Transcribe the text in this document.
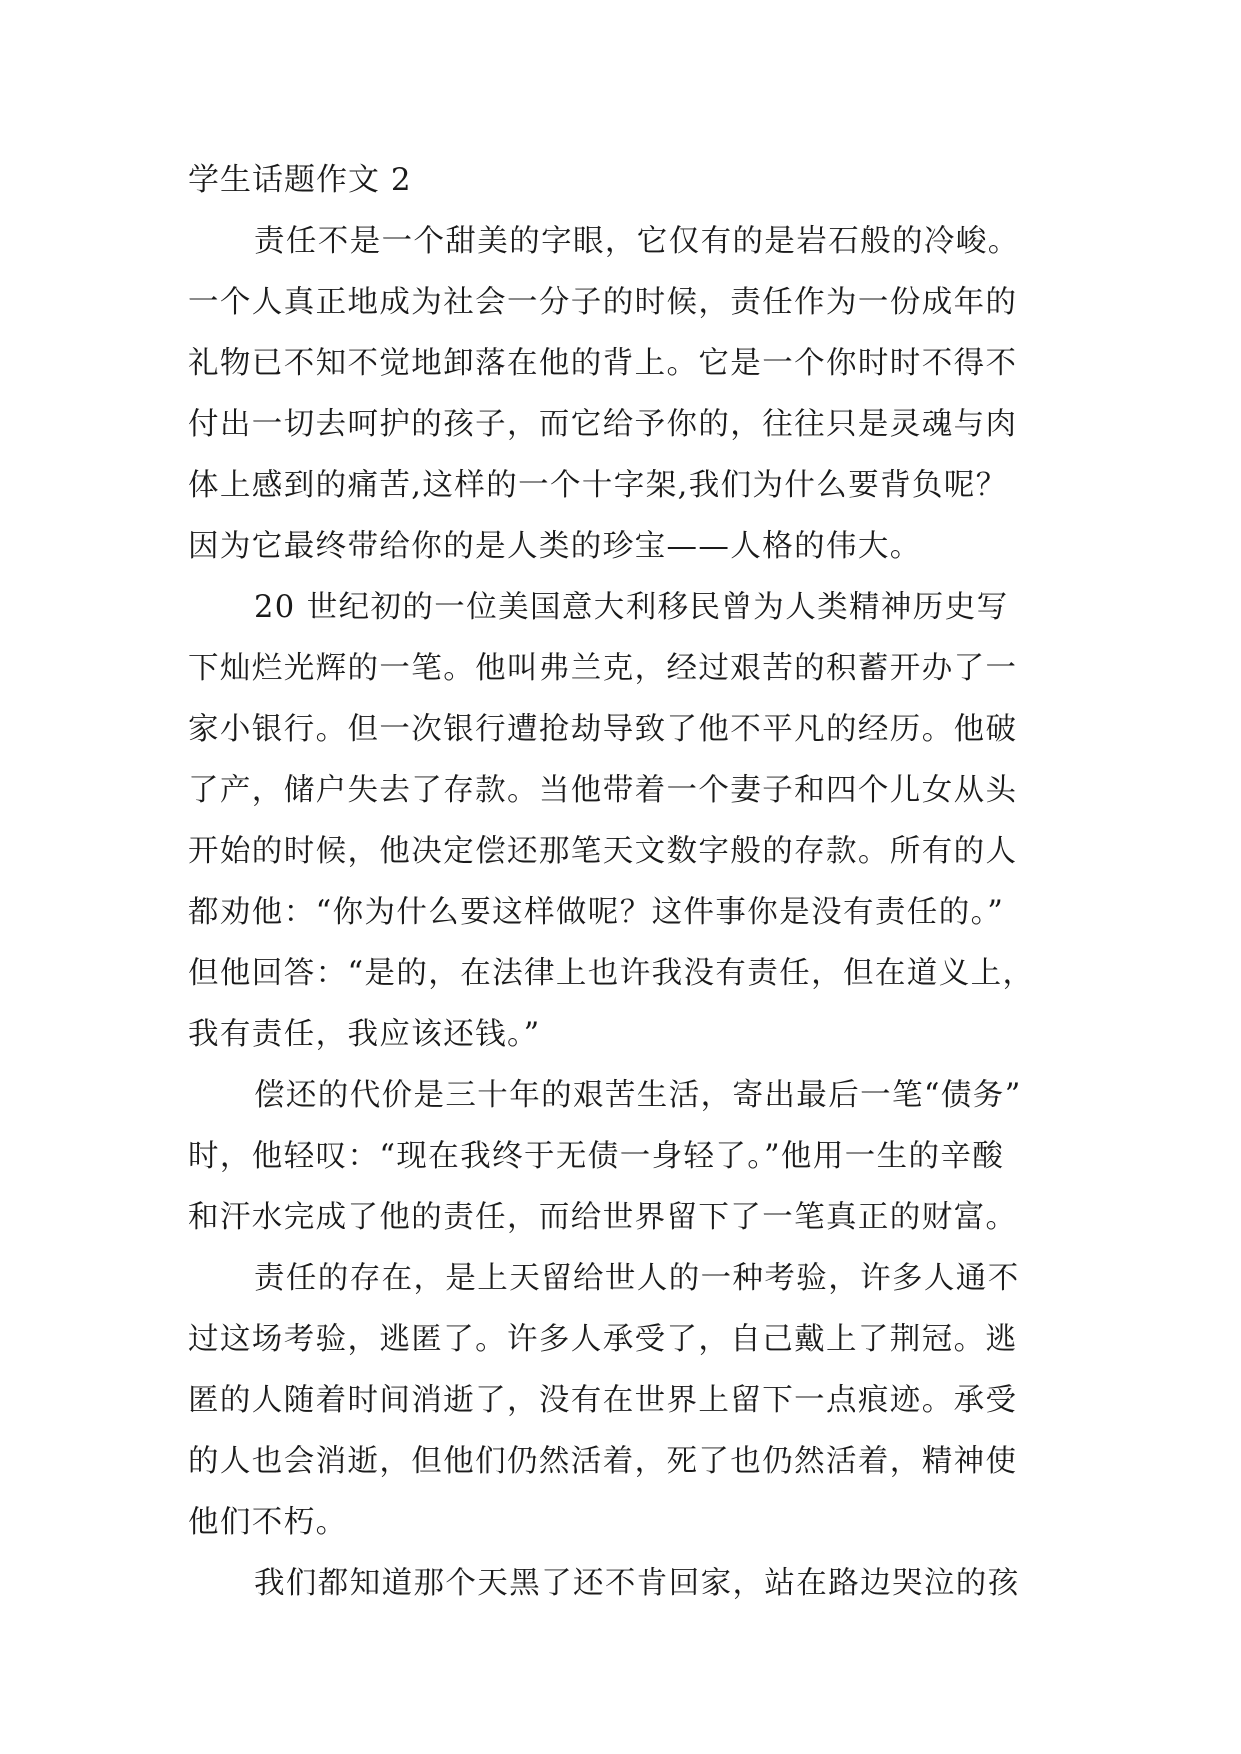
学生话题作文 2
责任不是一个甜美的字眼，它仅有的是岩石般的冷峻。
一个人真正地成为社会一分子的时候，责任作为一份成年的
礼物已不知不觉地卸落在他的背上。它是一个你时时不得不
付出一切去呵护的孩子，而它给予你的，往往只是灵魂与肉
体上感到的痛苦,这样的一个十字架,我们为什么要背负呢？
因为它最终带给你的是人类的珍宝——人格的伟大。
20 世纪初的一位美国意大利移民曾为人类精神历史写
下灿烂光辉的一笔。他叫弗兰克，经过艰苦的积蓄开办了一
家小银行。但一次银行遭抢劫导致了他不平凡的经历。他破
了产，储户失去了存款。当他带着一个妻子和四个儿女从头
开始的时候，他决定偿还那笔天文数字般的存款。所有的人
都劝他：“你为什么要这样做呢？这件事你是没有责任的。”
但他回答：“是的，在法律上也许我没有责任，但在道义上，
我有责任，我应该还钱。”
偿还的代价是三十年的艰苦生活，寄出最后一笔“债务”
时，他轻叹：“现在我终于无债一身轻了。”他用一生的辛酸
和汗水完成了他的责任，而给世界留下了一笔真正的财富。
责任的存在，是上天留给世人的一种考验，许多人通不
过这场考验，逃匿了。许多人承受了，自己戴上了荆冠。逃
匿的人随着时间消逝了，没有在世界上留下一点痕迹。承受
的人也会消逝，但他们仍然活着，死了也仍然活着，精神使
他们不朽。
我们都知道那个天黑了还不肯回家，站在路边哭泣的孩
